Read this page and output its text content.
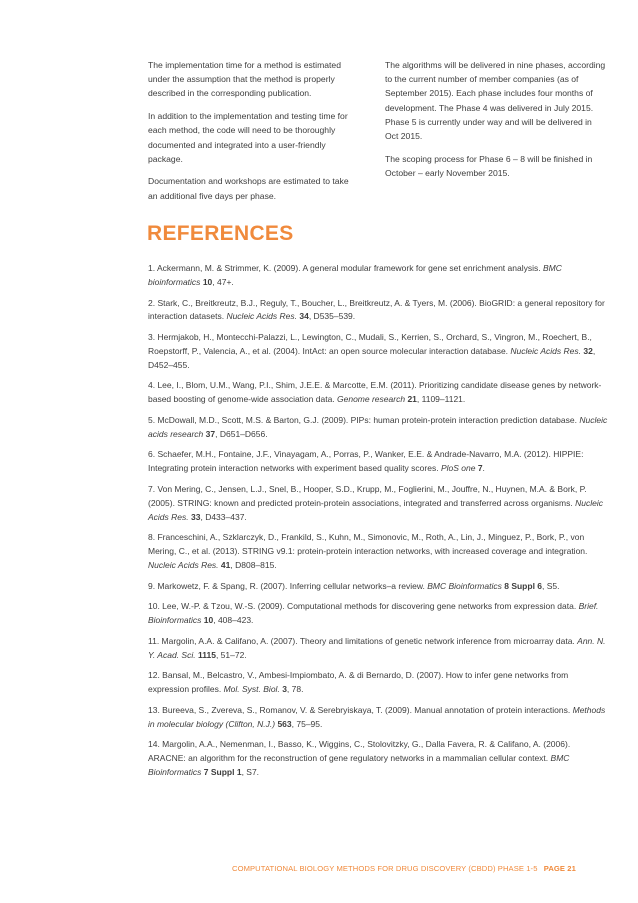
The implementation time for a method is estimated under the assumption that the method is properly described in the corresponding publication.

In addition to the implementation and testing time for each method, the code will need to be thoroughly documented and integrated into a user-friendly package.

Documentation and workshops are estimated to take an additional five days per phase.

The algorithms will be delivered in nine phases, according to the current number of member companies (as of September 2015). Each phase includes four months of development. The Phase 4 was delivered in July 2015. Phase 5 is currently under way and will be delivered in Oct 2015.

The scoping process for Phase 6 – 8 will be finished in October – early November 2015.

REFERENCES
1. Ackermann, M. & Strimmer, K. (2009). A general modular framework for gene set enrichment analysis. BMC bioinformatics 10, 47+.
2. Stark, C., Breitkreutz, B.J., Reguly, T., Boucher, L., Breitkreutz, A. & Tyers, M. (2006). BioGRID: a general repository for interaction datasets. Nucleic Acids Res. 34, D535–539.
3. Hermjakob, H., Montecchi-Palazzi, L., Lewington, C., Mudali, S., Kerrien, S., Orchard, S., Vingron, M., Roechert, B., Roepstorff, P., Valencia, A., et al. (2004). IntAct: an open source molecular interaction database. Nucleic Acids Res. 32, D452–455.
4. Lee, I., Blom, U.M., Wang, P.I., Shim, J.E.E. & Marcotte, E.M. (2011). Prioritizing candidate disease genes by network-based boosting of genome-wide association data. Genome research 21, 1109–1121.
5. McDowall, M.D., Scott, M.S. & Barton, G.J. (2009). PIPs: human protein-protein interaction prediction database. Nucleic acids research 37, D651–D656.
6. Schaefer, M.H., Fontaine, J.F., Vinayagam, A., Porras, P., Wanker, E.E. & Andrade-Navarro, M.A. (2012). HIPPIE: Integrating protein interaction networks with experiment based quality scores. PloS one 7.
7. Von Mering, C., Jensen, L.J., Snel, B., Hooper, S.D., Krupp, M., Foglierini, M., Jouffre, N., Huynen, M.A. & Bork, P. (2005). STRING: known and predicted protein-protein associations, integrated and transferred across organisms. Nucleic Acids Res. 33, D433–437.
8. Franceschini, A., Szklarczyk, D., Frankild, S., Kuhn, M., Simonovic, M., Roth, A., Lin, J., Minguez, P., Bork, P., von Mering, C., et al. (2013). STRING v9.1: protein-protein interaction networks, with increased coverage and integration. Nucleic Acids Res. 41, D808–815.
9. Markowetz, F. & Spang, R. (2007). Inferring cellular networks–a review. BMC Bioinformatics 8 Suppl 6, S5.
10. Lee, W.-P. & Tzou, W.-S. (2009). Computational methods for discovering gene networks from expression data. Brief. Bioinformatics 10, 408–423.
11. Margolin, A.A. & Califano, A. (2007). Theory and limitations of genetic network inference from microarray data. Ann. N. Y. Acad. Sci. 1115, 51–72.
12. Bansal, M., Belcastro, V., Ambesi-Impiombato, A. & di Bernardo, D. (2007). How to infer gene networks from expression profiles. Mol. Syst. Biol. 3, 78.
13. Bureeva, S., Zvereva, S., Romanov, V. & Serebryiskaya, T. (2009). Manual annotation of protein interactions. Methods in molecular biology (Clifton, N.J.) 563, 75–95.
14. Margolin, A.A., Nemenman, I., Basso, K., Wiggins, C., Stolovitzky, G., Dalla Favera, R. & Califano, A. (2006). ARACNE: an algorithm for the reconstruction of gene regulatory networks in a mammalian cellular context. BMC Bioinformatics 7 Suppl 1, S7.
COMPUTATIONAL BIOLOGY METHODS FOR DRUG DISCOVERY (CBDD) PHASE 1-5 PAGE 21
